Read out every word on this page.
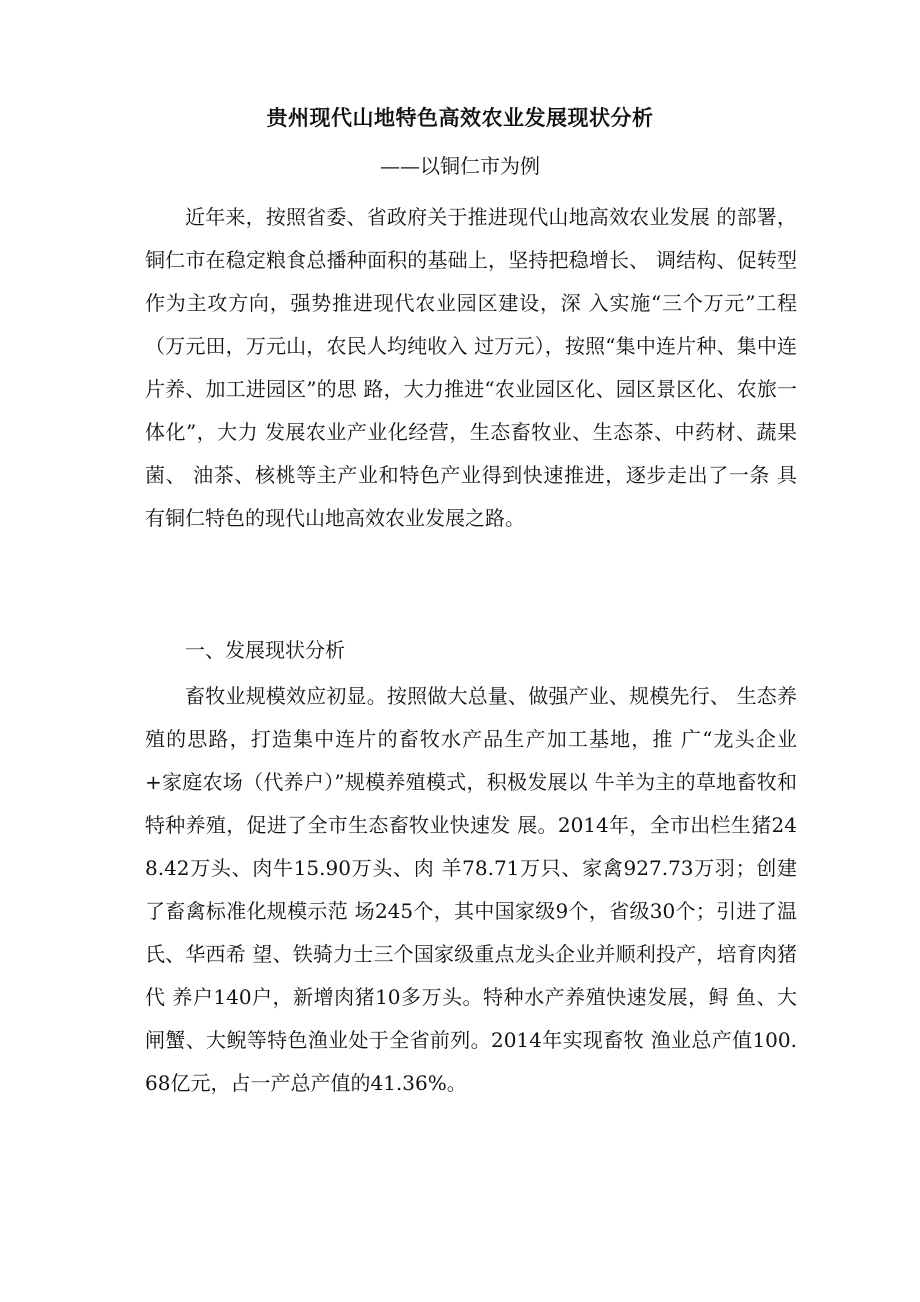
贵州现代山地特色高效农业发展现状分析
——以铜仁市为例

近年来，按照省委、省政府关于推进现代山地高效农业发展 的部署，铜仁市在稳定粮食总播种面积的基础上，坚持把稳增长、 调结构、促转型作为主攻方向，强势推进现代农业园区建设，深 入实施“三个万元”工程（万元田，万元山，农民人均纯收入 过万元），按照“集中连片种、集中连片养、加工进园区”的思 路，大力推进“农业园区化、园区景区化、农旅一体化”，大力 发展农业产业化经营，生态畜牧业、生态茶、中药材、蔬果菌、 油茶、核桃等主产业和特色产业得到快速推进，逐步走出了一条 具有铜仁特色的现代山地高效农业发展之路。

一、发展现状分析

畜牧业规模效应初显。按照做大总量、做强产业、规模先行、 生态养殖的思路，打造集中连片的畜牧水产品生产加工基地，推 广“龙头企业+家庭农场（代养户）”规模养殖模式，积极发展以 牛羊为主的草地畜牧和特种养殖，促进了全市生态畜牧业快速发 展。2014年，全市出栏生猪248.42万头、肉牛15.90万头、肉 羊78.71万只、家禽927.73万羽；创建了畜禽标准化规模示范 场245个，其中国家级9个，省级30个；引进了温氏、华西希 望、铁骑力士三个国家级重点龙头企业并顺利投产，培育肉猪代 养户140户，新增肉猪10多万头。特种水产养殖快速发展，鲟 鱼、大闸蟹、大鲵等特色渔业处于全省前列。2014年实现畜牧 渔业总产值100.68亿元，占一产总产值的41.36%。
